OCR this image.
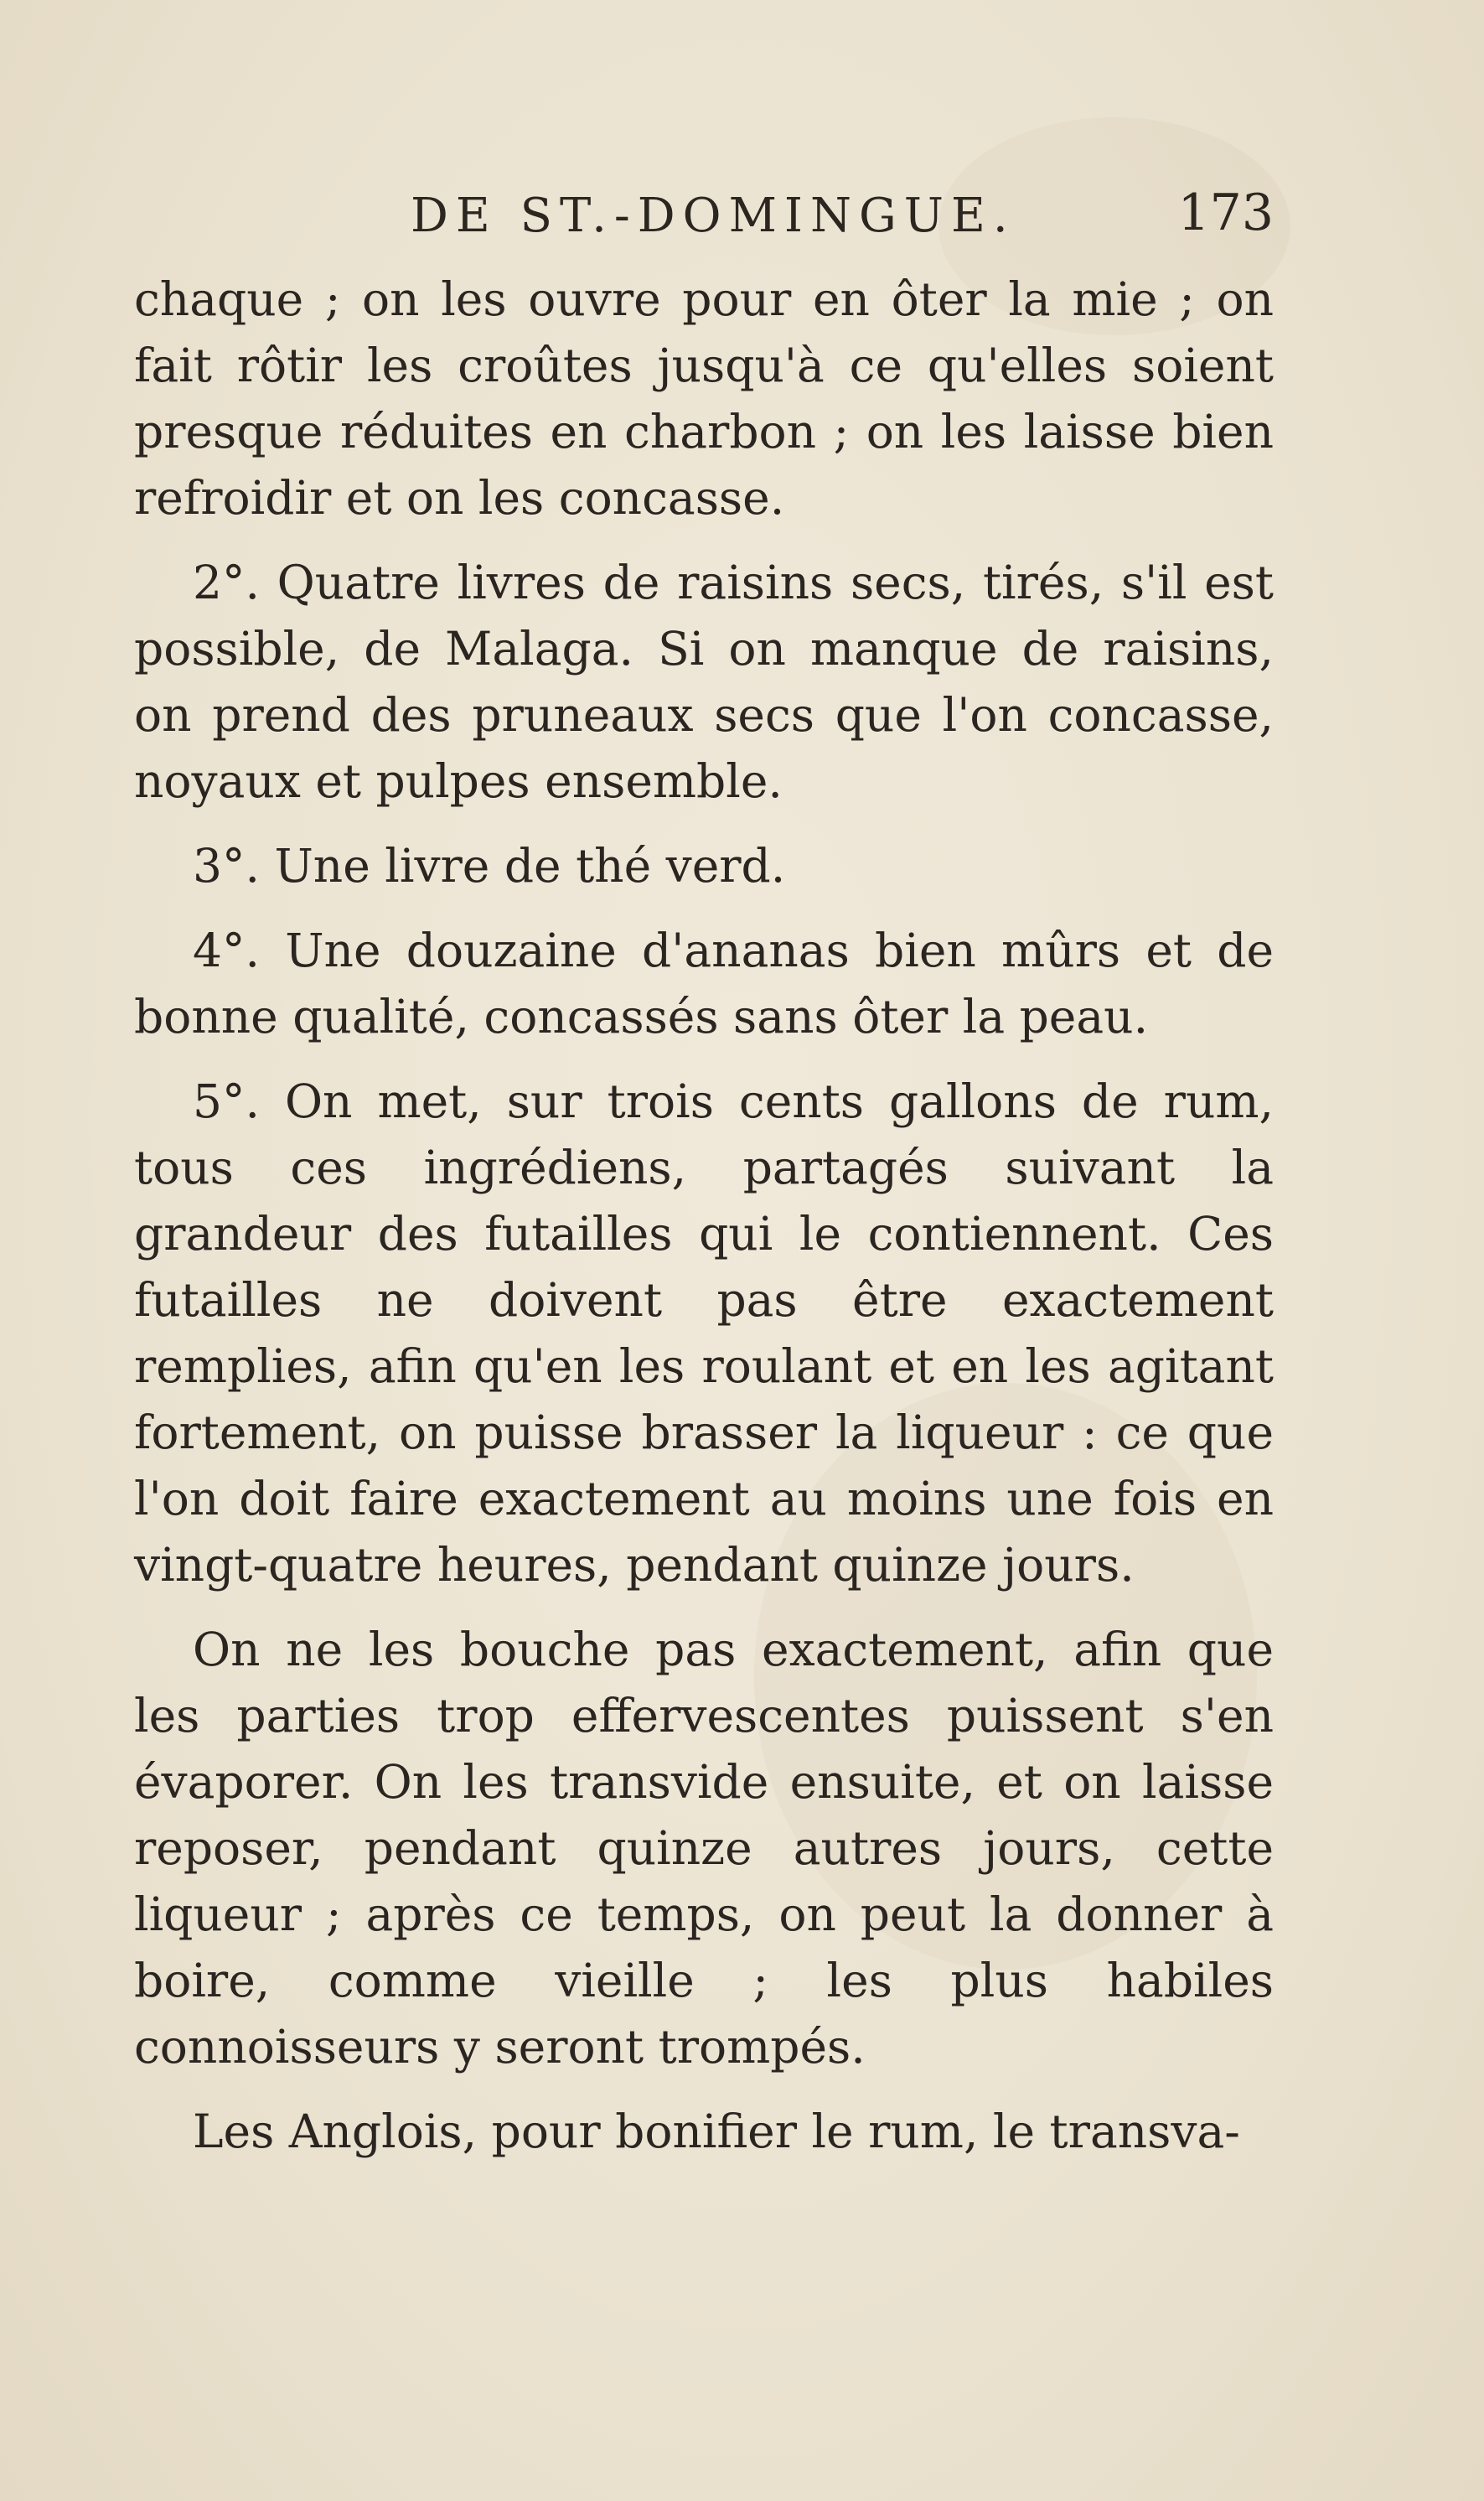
DE ST.-DOMINGUE.	173

chaque ; on les ouvre pour en ôter la mie ; on fait rôtir les croûtes jusqu'à ce qu'elles soient presque réduites en charbon ; on les laisse bien refroidir et on les concasse.

2°. Quatre livres de raisins secs, tirés, s'il est possible, de Malaga. Si on manque de raisins, on prend des pruneaux secs que l'on concasse, noyaux et pulpes ensemble.

3°. Une livre de thé verd.

4°. Une douzaine d'ananas bien mûrs et de bonne qualité, concassés sans ôter la peau.

5°. On met, sur trois cents gallons de rum, tous ces ingrédiens, partagés suivant la grandeur des futailles qui le contiennent. Ces futailles ne doivent pas être exactement remplies, afin qu'en les roulant et en les agitant fortement, on puisse brasser la liqueur : ce que l'on doit faire exactement au moins une fois en vingt-quatre heures, pendant quinze jours.

On ne les bouche pas exactement, afin que les parties trop effervescentes puissent s'en évaporer. On les transvide ensuite, et on laisse reposer, pendant quinze autres jours, cette liqueur ; après ce temps, on peut la donner à boire, comme vieille ; les plus habiles connoisseurs y seront trompés.

Les Anglois, pour bonifier le rum, le transva-
